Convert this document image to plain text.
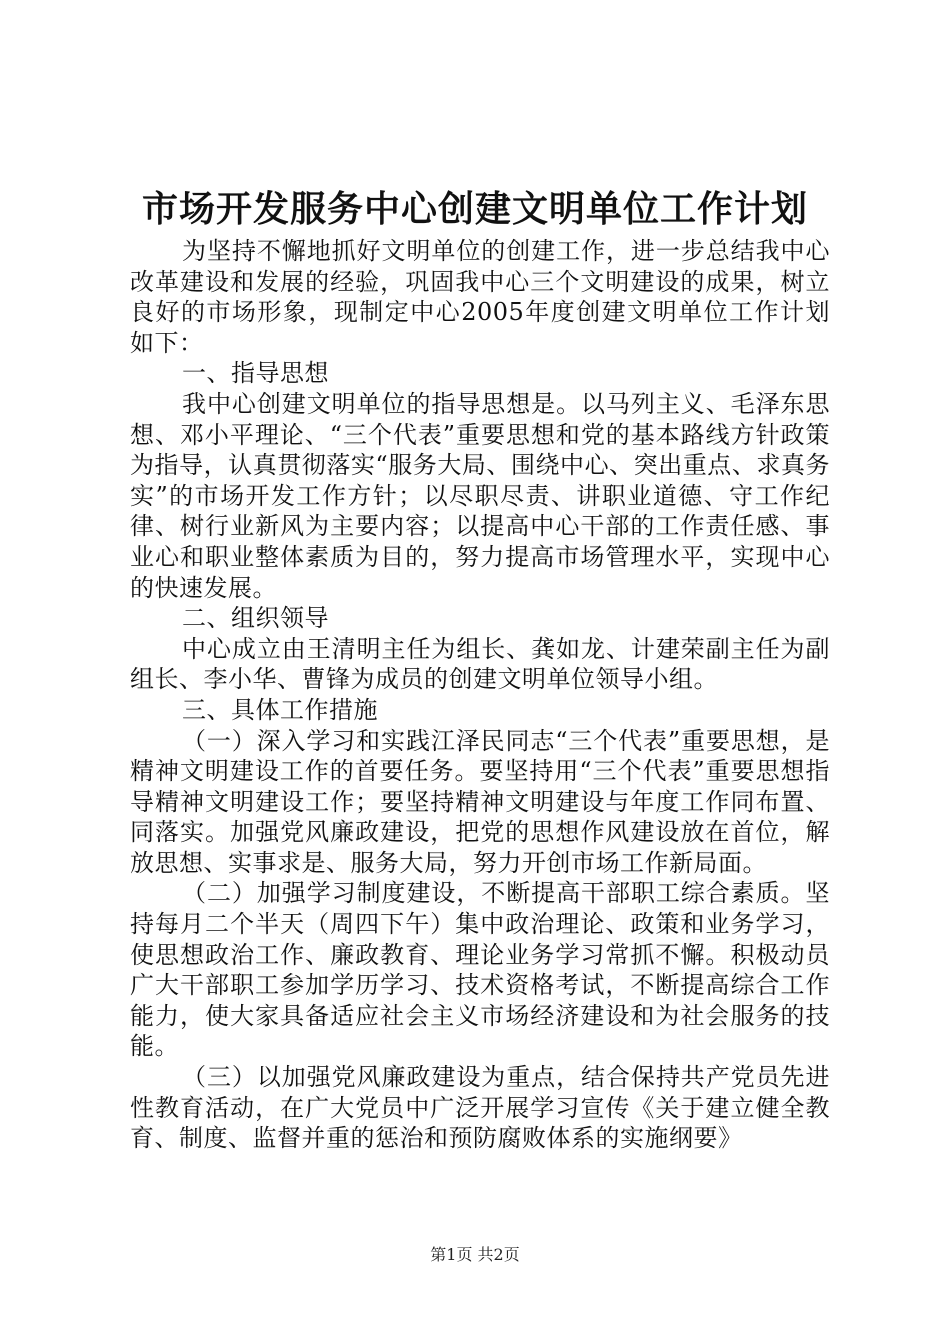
市场开发服务中心创建文明单位工作计划

为坚持不懈地抓好文明单位的创建工作，进一步总结我中心改革建设和发展的经验，巩固我中心三个文明建设的成果，树立良好的市场形象，现制定中心2005年度创建文明单位工作计划如下：

一、指导思想

我中心创建文明单位的指导思想是。以马列主义、毛泽东思想、邓小平理论、“三个代表”重要思想和党的基本路线方针政策为指导，认真贯彻落实“服务大局、围绕中心、突出重点、求真务实”的市场开发工作方针；以尽职尽责、讲职业道德、守工作纪律、树行业新风为主要内容；以提高中心干部的工作责任感、事业心和职业整体素质为目的，努力提高市场管理水平，实现中心的快速发展。

二、组织领导

中心成立由王清明主任为组长、龚如龙、计建荣副主任为副组长、李小华、曹锋为成员的创建文明单位领导小组。

三、具体工作措施

（一）深入学习和实践江泽民同志“三个代表”重要思想，是精神文明建设工作的首要任务。要坚持用“三个代表”重要思想指导精神文明建设工作；要坚持精神文明建设与年度工作同布置、同落实。加强党风廉政建设，把党的思想作风建设放在首位，解放思想、实事求是、服务大局，努力开创市场工作新局面。

（二）加强学习制度建设，不断提高干部职工综合素质。坚持每月二个半天（周四下午）集中政治理论、政策和业务学习，使思想政治工作、廉政教育、理论业务学习常抓不懈。积极动员广大干部职工参加学历学习、技术资格考试，不断提高综合工作能力，使大家具备适应社会主义市场经济建设和为社会服务的技能。

（三）以加强党风廉政建设为重点，结合保持共产党员先进性教育活动，在广大党员中广泛开展学习宣传《关于建立健全教育、制度、监督并重的惩治和预防腐败体系的实施纲要》

第1页 共2页
